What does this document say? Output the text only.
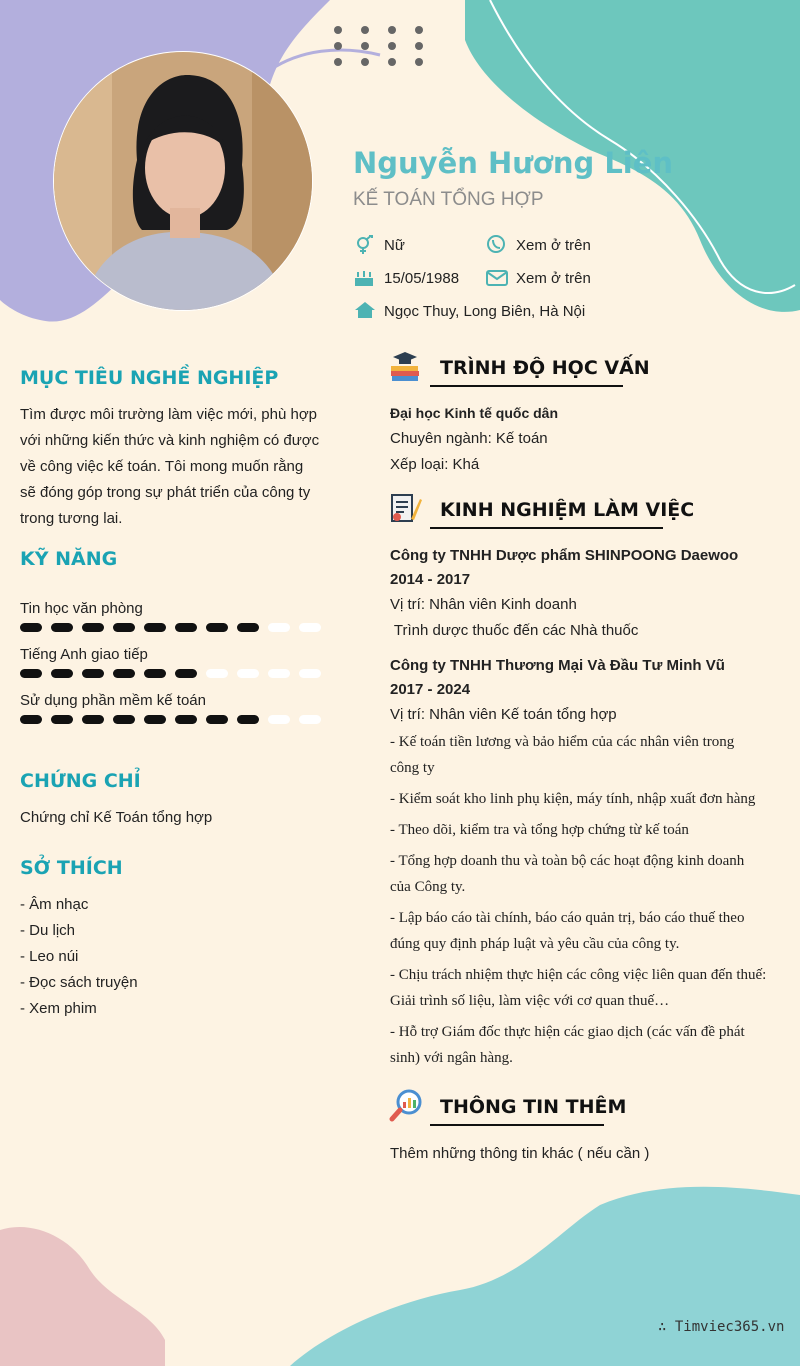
Nguyễn Hương Liên
KẾ TOÁN TỔNG HỢP
Nữ	Xem ở trên
15/05/1988	Xem ở trên
Ngọc Thuy, Long Biên, Hà Nội
MỤC TIÊU NGHỀ NGHIỆP
Tìm được môi trường làm việc mới, phù hợp
với những kiến thức và kinh nghiệm có được
về công việc kế toán. Tôi mong muốn rằng
sẽ đóng góp trong sự phát triển của công ty
trong tương lai.
KỸ NĂNG
Tin học văn phòng
Tiếng Anh giao tiếp
Sử dụng phần mềm kế toán
CHỨNG CHỈ
Chứng chỉ Kế Toán tổng hợp
SỞ THÍCH
- Âm nhạc
- Du lịch
- Leo núi
- Đọc sách truyện
- Xem phim
TRÌNH ĐỘ HỌC VẤN
Đại học Kinh tế quốc dân
Chuyên ngành: Kế toán
Xếp loại: Khá
KINH NGHIỆM LÀM VIỆC
Công ty TNHH Dược phẩm SHINPOONG Daewoo
2014 - 2017
Vị trí: Nhân viên Kinh doanh
Trình dược thuốc đến các Nhà thuốc
Công ty TNHH Thương Mại Và Đầu Tư Minh Vũ
2017 - 2024
Vị trí: Nhân viên Kế toán tổng hợp
- Kế toán tiền lương và bảo hiểm của các nhân viên trong
công ty
- Kiểm soát kho linh phụ kiện, máy tính, nhập xuất đơn hàng
- Theo dõi, kiểm tra và tổng hợp chứng từ kế toán
- Tổng hợp doanh thu và toàn bộ các hoạt động kinh doanh
của Công ty.
- Lập báo cáo tài chính, báo cáo quản trị, báo cáo thuế theo
đúng quy định pháp luật và yêu cầu của công ty.
- Chịu trách nhiệm thực hiện các công việc liên quan đến thuế:
Giải trình số liệu, làm việc với cơ quan thuế…
- Hỗ trợ Giám đốc thực hiện các giao dịch (các vấn đề phát
sinh) với ngân hàng.
THÔNG TIN THÊM
Thêm những thông tin khác ( nếu cần )
∴ Timviec365.vn
